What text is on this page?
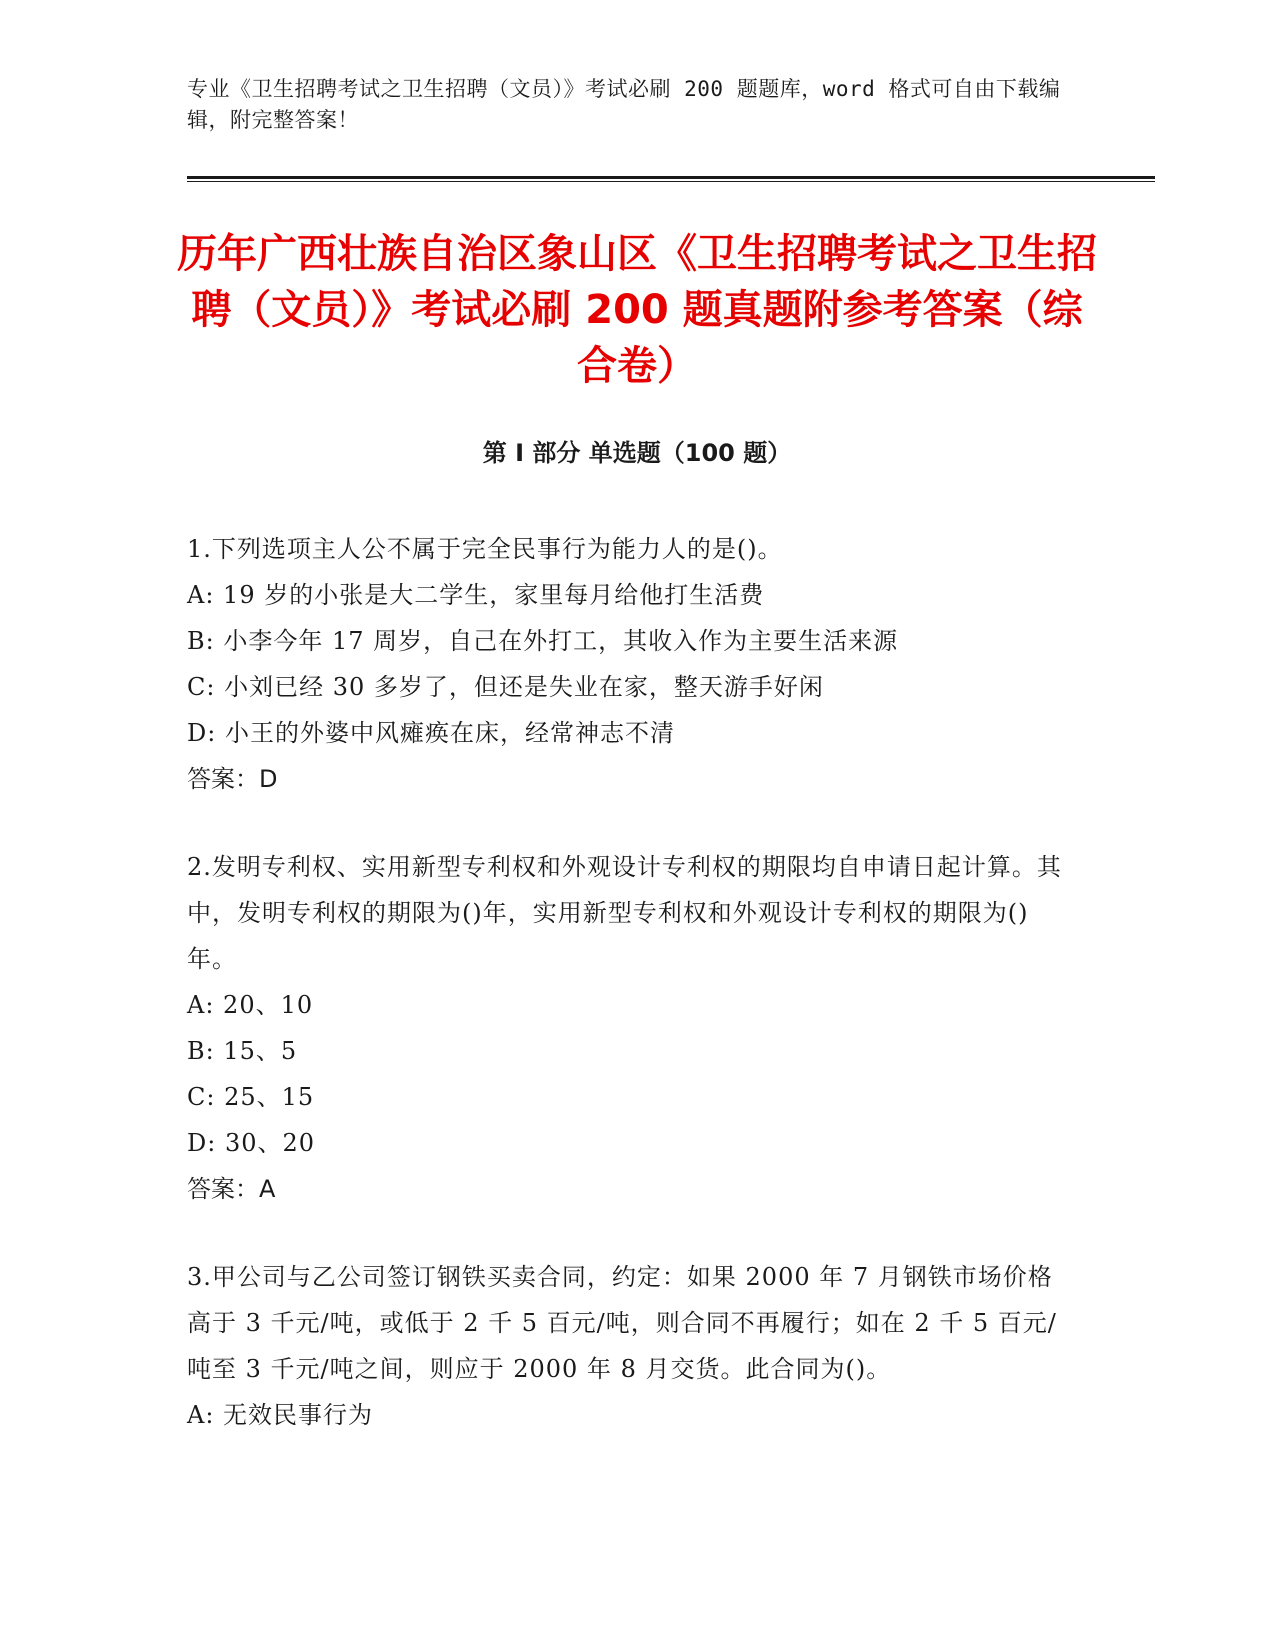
专业《卫生招聘考试之卫生招聘（文员）》考试必刷 200 题题库，word 格式可自由下载编辑，附完整答案！
历年广西壮族自治区象山区《卫生招聘考试之卫生招聘（文员）》考试必刷 200 题真题附参考答案（综合卷）
第 I 部分 单选题（100 题）
1.下列选项主人公不属于完全民事行为能力人的是()。
A: 19 岁的小张是大二学生，家里每月给他打生活费
B: 小李今年 17 周岁，自己在外打工，其收入作为主要生活来源
C: 小刘已经 30 多岁了，但还是失业在家，整天游手好闲
D: 小王的外婆中风瘫痪在床，经常神志不清
答案：D
2.发明专利权、实用新型专利权和外观设计专利权的期限均自申请日起计算。其中，发明专利权的期限为()年，实用新型专利权和外观设计专利权的期限为()年。
A: 20、10
B: 15、5
C: 25、15
D: 30、20
答案：A
3.甲公司与乙公司签订钢铁买卖合同，约定：如果 2000 年 7 月钢铁市场价格高于 3 千元/吨，或低于 2 千 5 百元/吨，则合同不再履行；如在 2 千 5 百元/吨至 3 千元/吨之间，则应于 2000 年 8 月交货。此合同为()。
A: 无效民事行为
